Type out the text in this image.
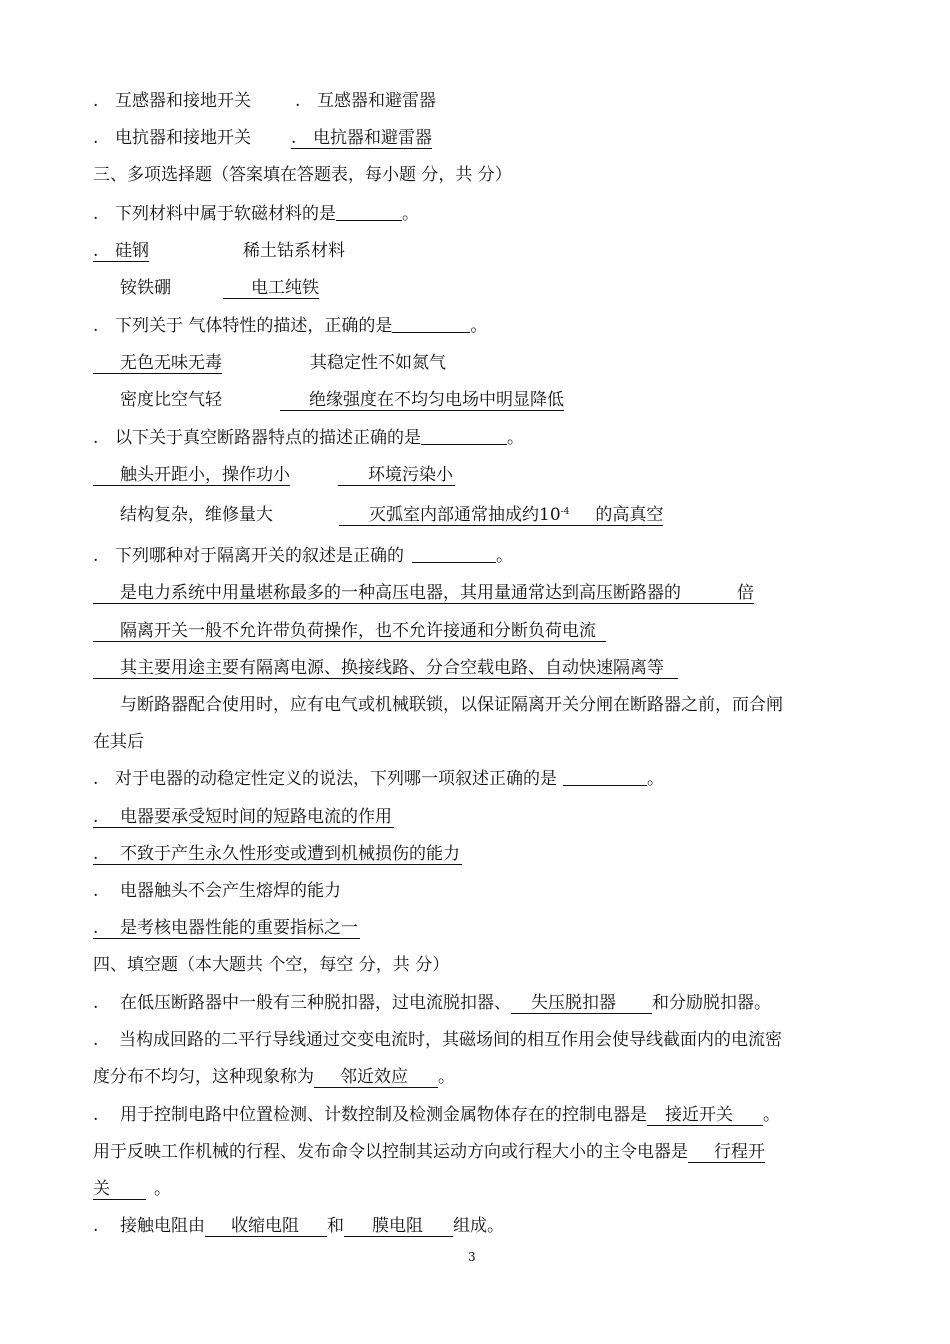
. 互感器和接地开关	. 互感器和避雷器
. 电抗器和接地开关 . 电抗器和避雷器
三、多项选择题（答案填在答题表，每小题 分，共 分）
. 下列材料中属于软磁材料的是	。
. 硅钢	稀土钴系材料
铵铁硼	电工纯铁
. 下列关于 气体特性的描述，正确的是	。
无色无味无毒	其稳定性不如氮气
密度比空气轻	绝缘强度在不均匀电场中明显降低
. 以下关于真空断路器特点的描述正确的是	。
触头开距小，操作功小	环境污染小
结构复杂，维修量大	灭弧室内部通常抽成约$10^{-4}$ 的高真空
. 下列哪种对于隔离开关的叙述是正确的	。
是电力系统中用量堪称最多的一种高压电器，其用量通常达到高压断路器的	倍
隔离开关一般不允许带负荷操作，也不允许接通和分断负荷电流
其主要用途主要有隔离电源、换接线路、分合空载电路、自动快速隔离等
与断路器配合使用时，应有电气或机械联锁，以保证隔离开关分闸在断路器之前，而合闸
在其后
. 对于电器的动稳定性定义的说法，下列哪一项叙述正确的是	。
. 电器要承受短时间的短路电流的作用
. 不致于产生永久性形变或遭到机械损伤的能力
. 电器触头不会产生熔焊的能力
. 是考核电器性能的重要指标之一
四、填空题（本大题共 个空，每空 分，共 分）
. 在低压断路器中一般有三种脱扣器，过电流脱扣器、 失压脱扣器 和分励脱扣器。
. 当构成回路的二平行导线通过交变电流时，其磁场间的相互作用会使导线截面内的电流密
度分布不均匀，这种现象称为 邻近效应 。
. 用于控制电路中位置检测、计数控制及检测金属物体存在的控制电器是 接近开关 。
用于反映工作机械的行程、发布命令以控制其运动方向或行程大小的主令电器是 行程开
关	。
. 接触电阻由 收缩电阻 和 膜电阻 组成。
3
